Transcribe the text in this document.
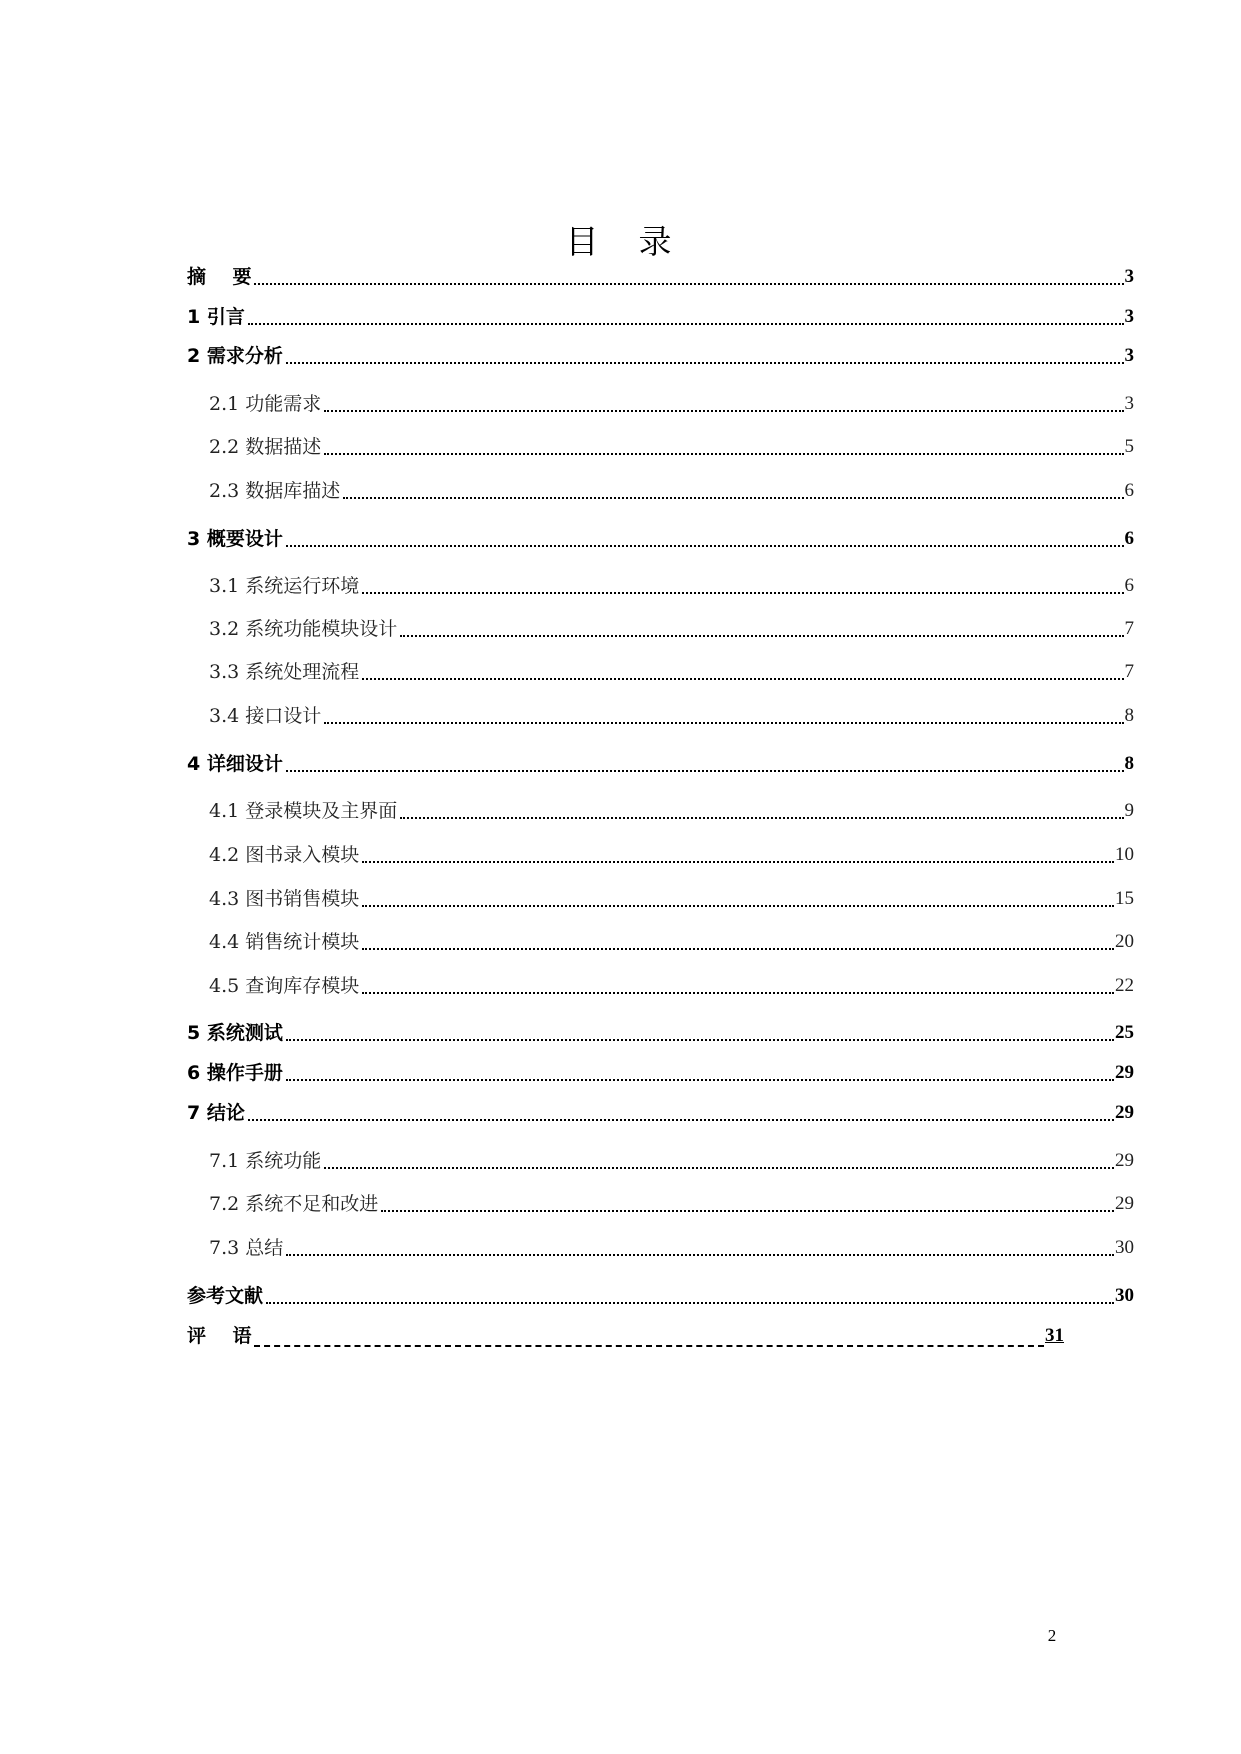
目 录
摘    要	3
1 引言	3
2 需求分析	3
2.1 功能需求	3
2.2 数据描述	5
2.3 数据库描述	6
3 概要设计	6
3.1 系统运行环境	6
3.2 系统功能模块设计	7
3.3 系统处理流程	7
3.4 接口设计	8
4 详细设计	8
4.1 登录模块及主界面	9
4.2 图书录入模块	10
4.3 图书销售模块	15
4.4 销售统计模块	20
4.5 查询库存模块	22
5 系统测试	25
6 操作手册	29
7 结论	29
7.1 系统功能	29
7.2 系统不足和改进	29
7.3 总结	30
参考文献	30
评    语	31
2
